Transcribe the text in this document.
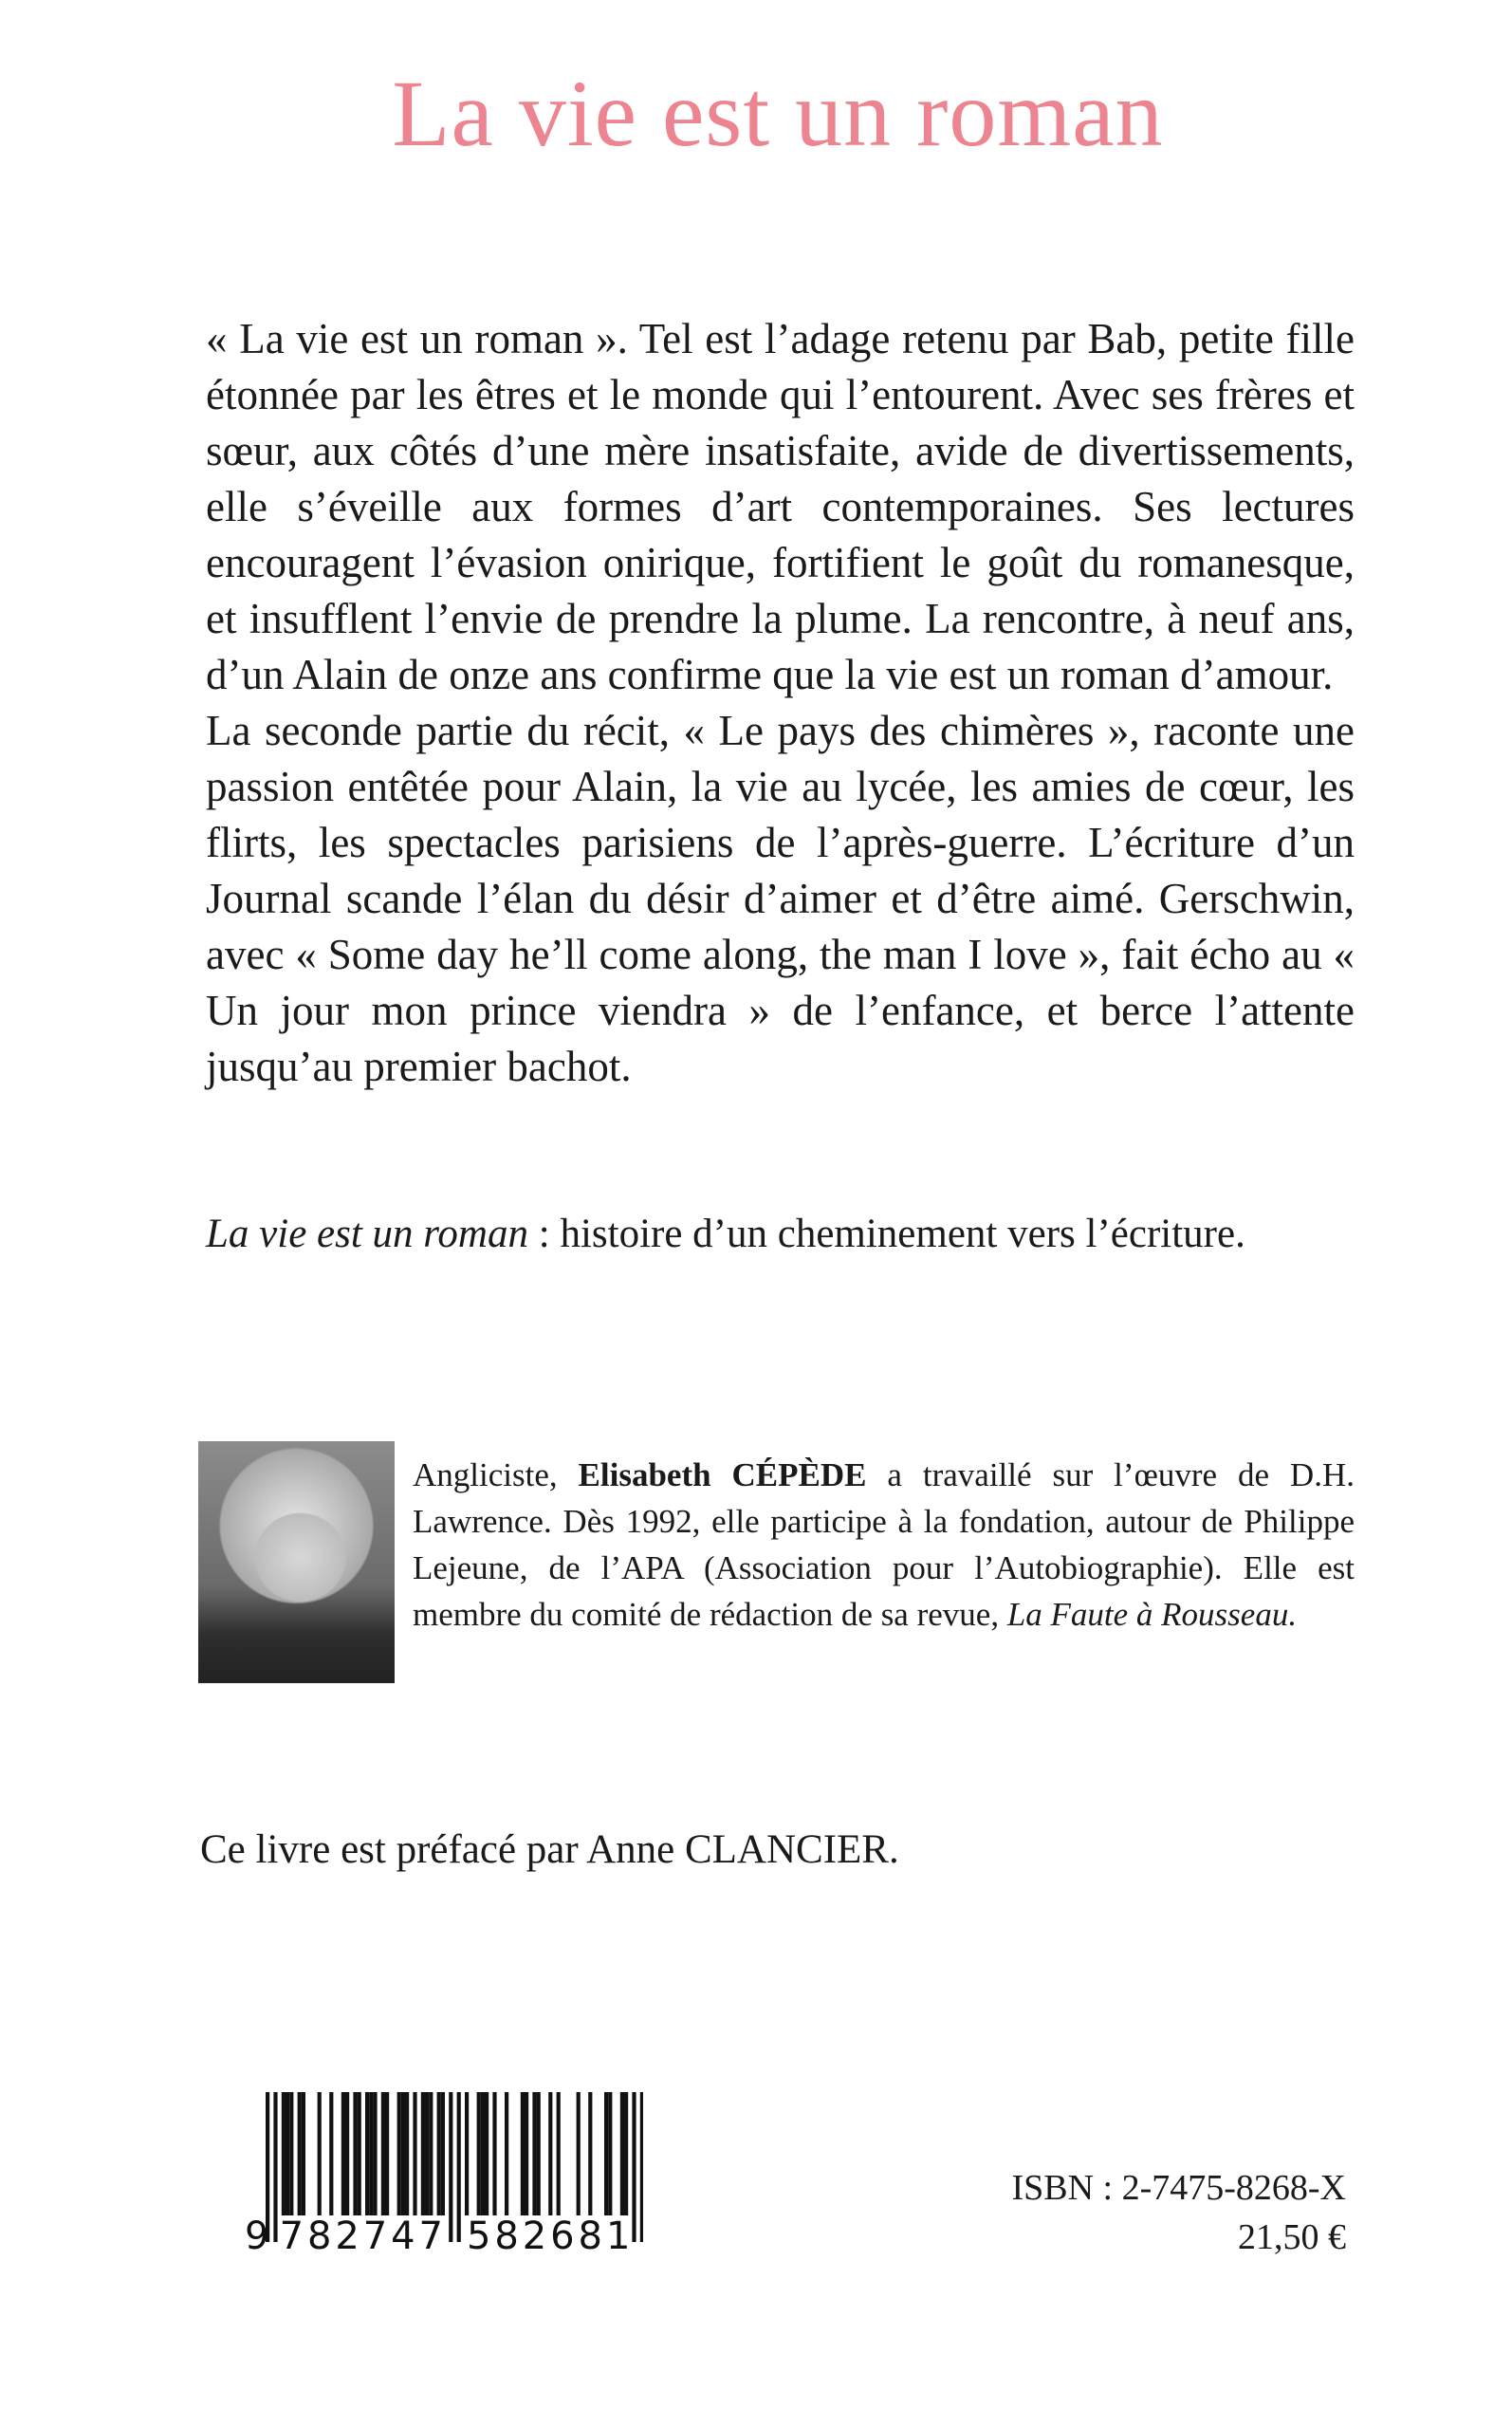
La vie est un roman

« La vie est un roman ». Tel est l’adage retenu par Bab, petite fille étonnée par les êtres et le monde qui l’entourent. Avec ses frères et sœur, aux côtés d’une mère insatisfaite, avide de divertissements, elle s’éveille aux formes d’art contemporaines. Ses lectures encouragent l’évasion onirique, fortifient le goût du romanesque, et insufflent l’envie de prendre la plume. La rencontre, à neuf ans, d’un Alain de onze ans confirme que la vie est un roman d’amour.

La seconde partie du récit, « Le pays des chimères », raconte une passion entêtée pour Alain, la vie au lycée, les amies de cœur, les flirts, les spectacles parisiens de l’après-guerre. L’écriture d’un Journal scande l’élan du désir d’aimer et d’être aimé. Gerschwin, avec « Some day he’ll come along, the man I love », fait écho au « Un jour mon prince viendra » de l’enfance, et berce l’attente jusqu’au premier bachot.

La vie est un roman : histoire d’un cheminement vers l’écriture.
Angliciste, Elisabeth CÉPÈDE a travaillé sur l’œuvre de D.H. Lawrence. Dès 1992, elle participe à la fondation, autour de Philippe Lejeune, de l’APA (Association pour l’Autobiographie). Elle est membre du comité de rédaction de sa revue, La Faute à Rousseau.
Ce livre est préfacé par Anne CLANCIER.
9 782747 582681
ISBN : 2-7475-8268-X
21,50 €
